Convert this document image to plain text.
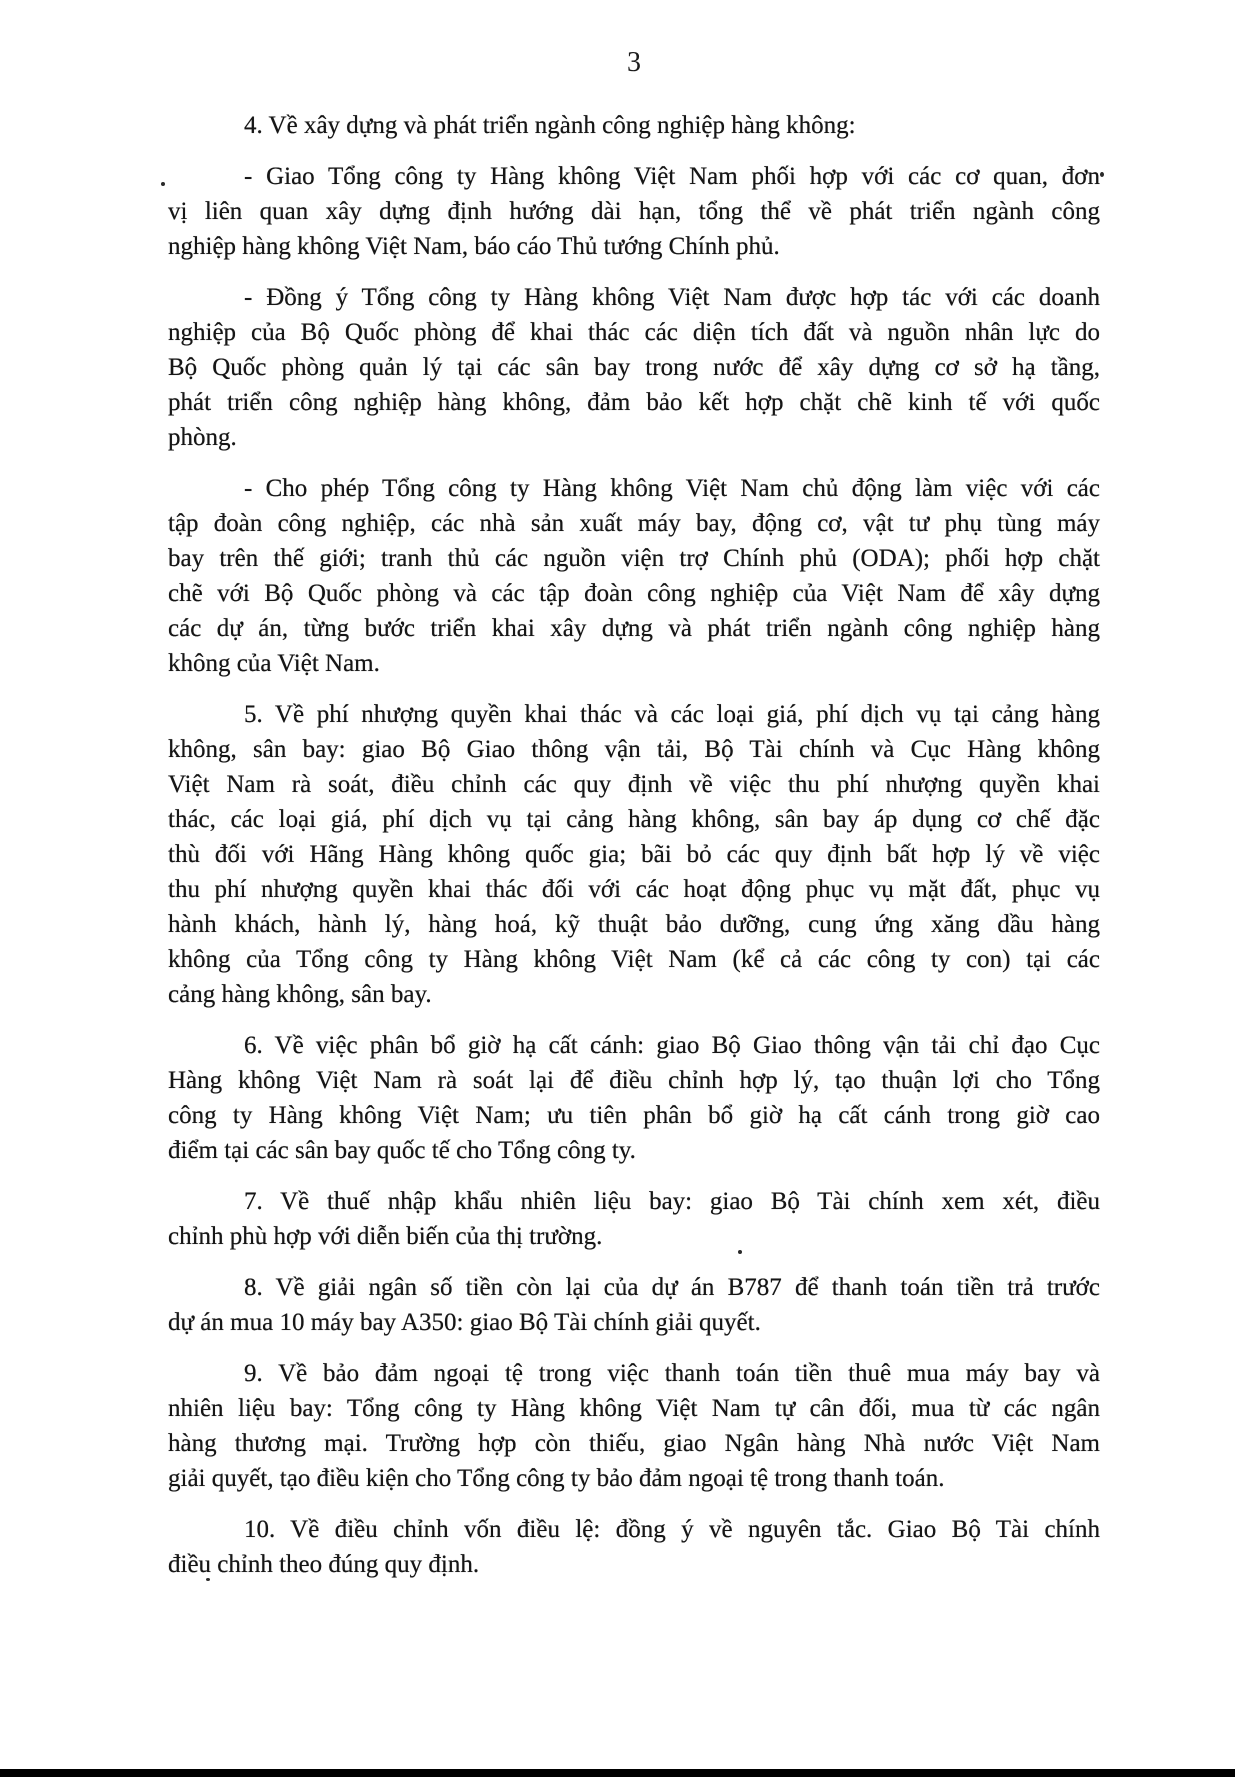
3
4. Về xây dựng và phát triển ngành công nghiệp hàng không:
- Giao Tổng công ty Hàng không Việt Nam phối hợp với các cơ quan, đơn
vị liên quan xây dựng định hướng dài hạn, tổng thể về phát triển ngành công
nghiệp hàng không Việt Nam, báo cáo Thủ tướng Chính phủ.
- Đồng ý Tổng công ty Hàng không Việt Nam được hợp tác với các doanh
nghiệp của Bộ Quốc phòng để khai thác các diện tích đất và nguồn nhân lực do
Bộ Quốc phòng quản lý tại các sân bay trong nước để xây dựng cơ sở hạ tầng,
phát triển công nghiệp hàng không, đảm bảo kết hợp chặt chẽ kinh tế với quốc
phòng.
- Cho phép Tổng công ty Hàng không Việt Nam chủ động làm việc với các
tập đoàn công nghiệp, các nhà sản xuất máy bay, động cơ, vật tư phụ tùng máy
bay trên thế giới; tranh thủ các nguồn viện trợ Chính phủ (ODA); phối hợp chặt
chẽ với Bộ Quốc phòng và các tập đoàn công nghiệp của Việt Nam để xây dựng
các dự án, từng bước triển khai xây dựng và phát triển ngành công nghiệp hàng
không của Việt Nam.
5. Về phí nhượng quyền khai thác và các loại giá, phí dịch vụ tại cảng hàng
không, sân bay: giao Bộ Giao thông vận tải, Bộ Tài chính và Cục Hàng không
Việt Nam rà soát, điều chỉnh các quy định về việc thu phí nhượng quyền khai
thác, các loại giá, phí dịch vụ tại cảng hàng không, sân bay áp dụng cơ chế đặc
thù đối với Hãng Hàng không quốc gia; bãi bỏ các quy định bất hợp lý về việc
thu phí nhượng quyền khai thác đối với các hoạt động phục vụ mặt đất, phục vụ
hành khách, hành lý, hàng hoá, kỹ thuật bảo dưỡng, cung ứng xăng dầu hàng
không của Tổng công ty Hàng không Việt Nam (kể cả các công ty con) tại các
cảng hàng không, sân bay.
6. Về việc phân bổ giờ hạ cất cánh: giao Bộ Giao thông vận tải chỉ đạo Cục
Hàng không Việt Nam rà soát lại để điều chỉnh hợp lý, tạo thuận lợi cho Tổng
công ty Hàng không Việt Nam; ưu tiên phân bổ giờ hạ cất cánh trong giờ cao
điểm tại các sân bay quốc tế cho Tổng công ty.
7. Về thuế nhập khẩu nhiên liệu bay: giao Bộ Tài chính xem xét, điều
chỉnh phù hợp với diễn biến của thị trường.
8. Về giải ngân số tiền còn lại của dự án B787 để thanh toán tiền trả trước
dự án mua 10 máy bay A350: giao Bộ Tài chính giải quyết.
9. Về bảo đảm ngoại tệ trong việc thanh toán tiền thuê mua máy bay và
nhiên liệu bay: Tổng công ty Hàng không Việt Nam tự cân đối, mua từ các ngân
hàng thương mại. Trường hợp còn thiếu, giao Ngân hàng Nhà nước Việt Nam
giải quyết, tạo điều kiện cho Tổng công ty bảo đảm ngoại tệ trong thanh toán.
10. Về điều chỉnh vốn điều lệ: đồng ý về nguyên tắc. Giao Bộ Tài chính
điều chỉnh theo đúng quy định.
